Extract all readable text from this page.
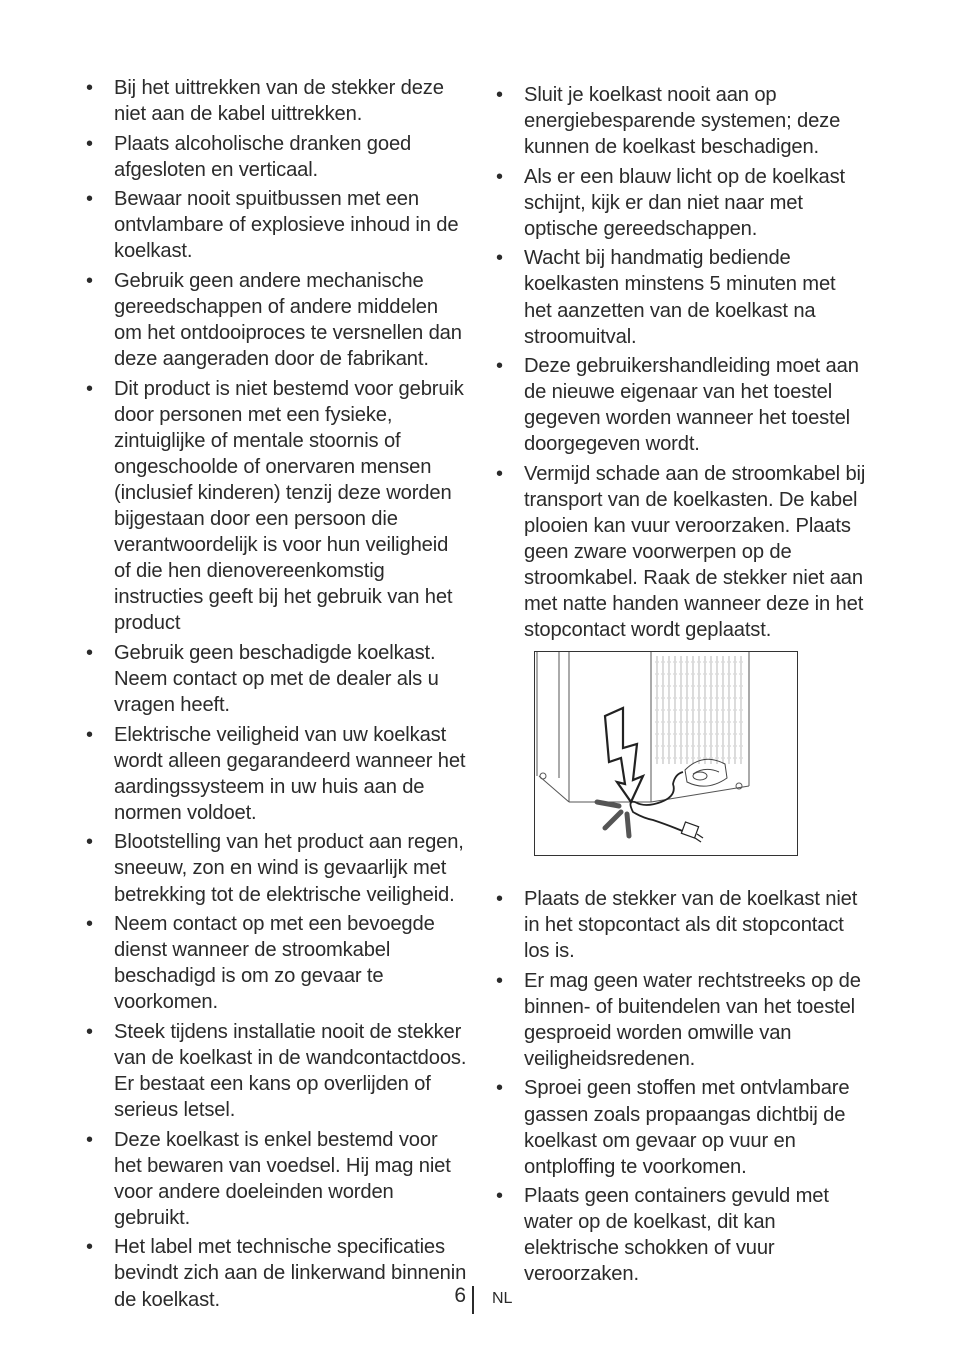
• Bij het uittrekken van de stekker deze niet aan de kabel uittrekken.
• Plaats alcoholische dranken goed afgesloten en verticaal.
• Bewaar nooit spuitbussen met een ontvlambare of explosieve inhoud in de koelkast.
• Gebruik geen andere mechanische gereedschappen of andere middelen om het ontdooiproces te versnellen dan deze aangeraden door de fabrikant.
• Dit product is niet bestemd voor gebruik door personen met een fysieke, zintuiglijke of mentale stoornis of ongeschoolde of onervaren mensen (inclusief kinderen) tenzij deze worden bijgestaan door een persoon die verantwoordelijk is voor hun veiligheid of die hen dienovereenkomstig instructies geeft bij het gebruik van het product
• Gebruik geen beschadigde koelkast. Neem contact op met de dealer als u vragen heeft.
• Elektrische veiligheid van uw koelkast wordt alleen gegarandeerd wanneer het aardingssysteem in uw huis aan de normen voldoet.
• Blootstelling van het product aan regen, sneeuw, zon en wind is gevaarlijk met betrekking tot de elektrische veiligheid.
• Neem contact op met een bevoegde dienst wanneer de stroomkabel beschadigd is om zo gevaar te voorkomen.
• Steek tijdens installatie nooit de stekker van de koelkast in de wandcontactdoos. Er bestaat een kans op overlijden of serieus letsel.
• Deze koelkast is enkel bestemd voor het bewaren van voedsel. Hij mag niet voor andere doeleinden worden gebruikt.
• Het label met technische specificaties bevindt zich aan de linkerwand binnenin de koelkast.
• Sluit je koelkast nooit aan op energiebesparende systemen; deze kunnen de koelkast beschadigen.
• Als er een blauw licht op de koelkast schijnt, kijk er dan niet naar met optische gereedschappen.
• Wacht bij handmatig bediende koelkasten minstens 5 minuten met het aanzetten van de koelkast na stroomuitval.
• Deze gebruikershandleiding moet aan de nieuwe eigenaar van het toestel gegeven worden wanneer het toestel doorgegeven wordt.
• Vermijd schade aan de stroomkabel bij transport van de koelkasten. De kabel plooien kan vuur veroorzaken. Plaats geen zware voorwerpen op de stroomkabel. Raak de stekker niet aan met natte handen wanneer deze in het stopcontact wordt geplaatst.
• Plaats de stekker van de koelkast niet in het stopcontact als dit stopcontact los is.
• Er mag geen water rechtstreeks op de binnen- of buitendelen van het toestel gesproeid worden omwille van veiligheidsredenen.
• Sproei geen stoffen met ontvlambare gassen zoals propaangas dichtbij de koelkast om gevaar op vuur en ontploffing te voorkomen.
• Plaats geen containers gevuld met water op de koelkast, dit kan elektrische schokken of vuur veroorzaken.
6 NL
